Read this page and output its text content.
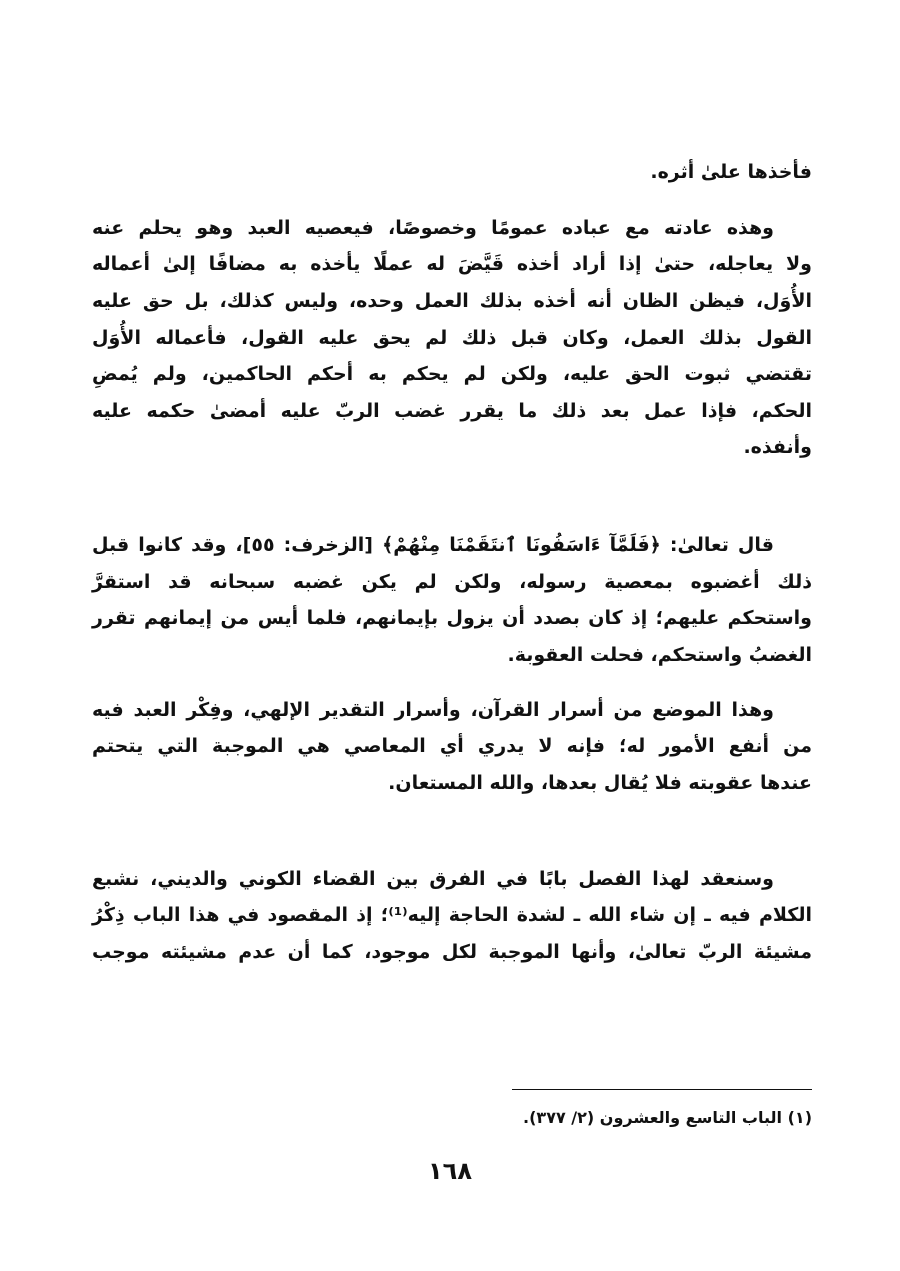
فأخذها علىٰ أثره.
وهذه عادته مع عباده عمومًا وخصوصًا، فيعصيه العبد وهو يحلم عنه
ولا يعاجله، حتىٰ إذا أراد أخذه قَيَّضَ له عملًا يأخذه به مضافًا إلىٰ أعماله
الأُوَل، فيظن الظان أنه أخذه بذلك العمل وحده، وليس كذلك، بل حق عليه
القول بذلك العمل، وكان قبل ذلك لم يحق عليه القول، فأعماله الأُوَل
تقتضي ثبوت الحق عليه، ولكن لم يحكم به أحكم الحاكمين، ولم يُمضِ
الحكم، فإذا عمل بعد ذلك ما يقرر غضب الربّ عليه أمضىٰ حكمه عليه
وأنفذه.
قال تعالىٰ: ﴿فَلَمَّآ ءَاسَفُونَا ٱنتَقَمْنَا مِنْهُمْ﴾ [الزخرف: ٥٥]، وقد كانوا قبل
ذلك أغضبوه بمعصية رسوله، ولكن لم يكن غضبه سبحانه قد استقرَّ
واستحكم عليهم؛ إذ كان بصدد أن يزول بإيمانهم، فلما أيس من إيمانهم تقرر
الغضبُ واستحكم، فحلت العقوبة.
وهذا الموضع من أسرار القرآن، وأسرار التقدير الإلهي، وفِكْر العبد فيه
من أنفع الأمور له؛ فإنه لا يدري أي المعاصي هي الموجبة التي يتحتم
عندها عقوبته فلا يُقال بعدها، والله المستعان.
وسنعقد لهذا الفصل بابًا في الفرق بين القضاء الكوني والديني، نشبع
الكلام فيه ـ إن شاء الله ـ لشدة الحاجة إليه⁽¹⁾؛ إذ المقصود في هذا الباب ذِكْرُ
مشيئة الربّ تعالىٰ، وأنها الموجبة لكل موجود، كما أن عدم مشيئته موجب
(١) الباب التاسع والعشرون (٢/ ٣٧٧).
١٦٨
